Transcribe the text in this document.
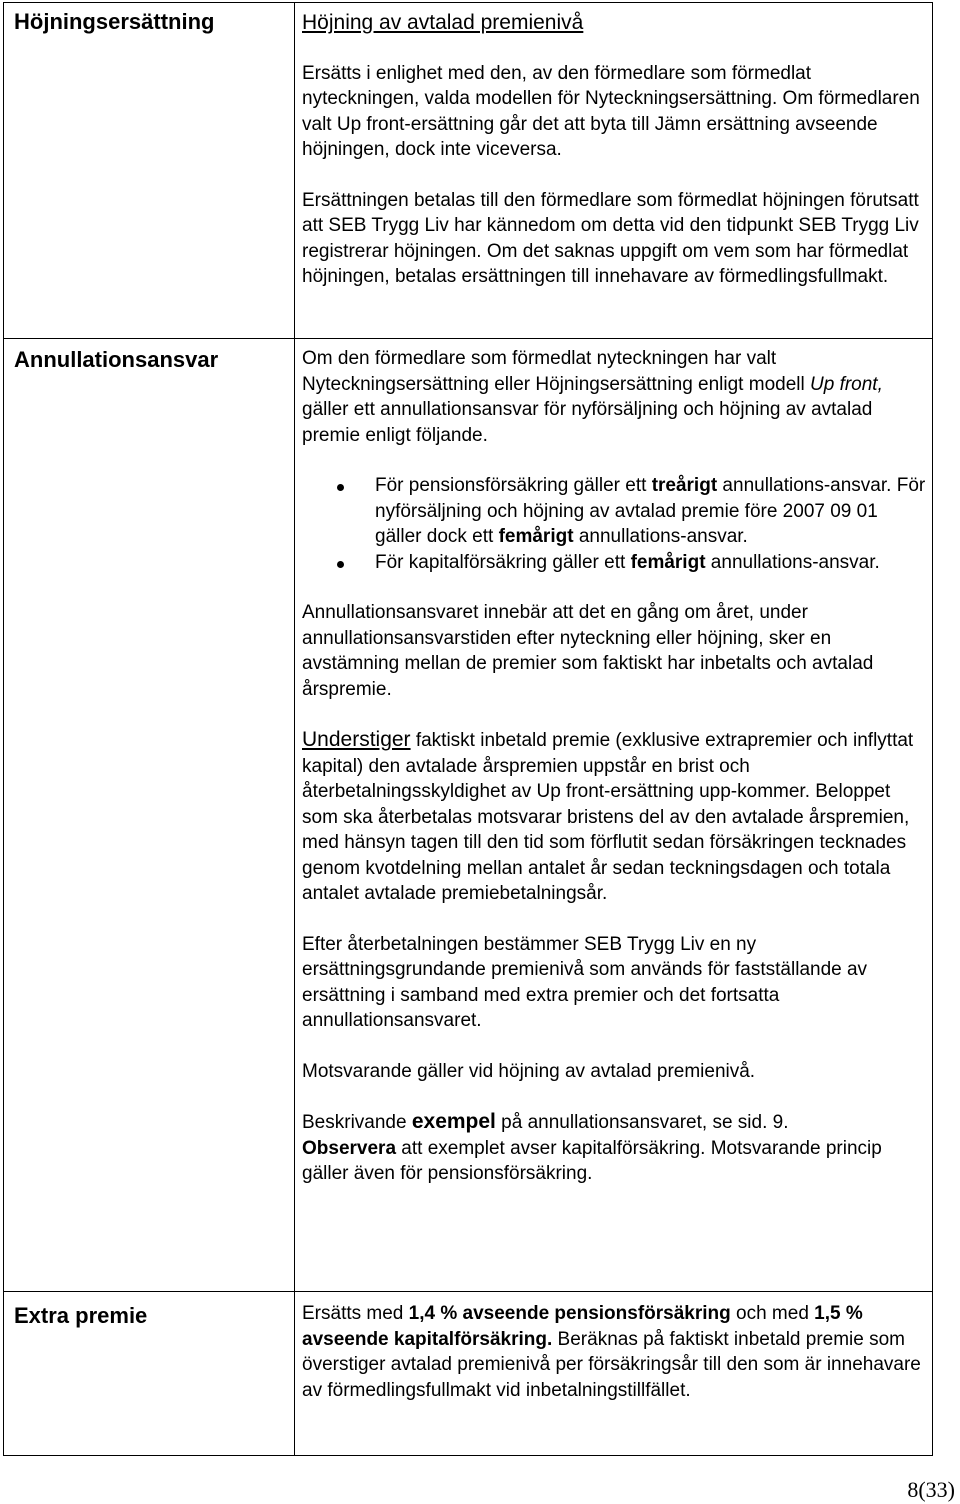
Höjningsersättning	Höjning av avtalad premienivå

Ersätts i enlighet med den, av den förmedlare som förmedlat nyteckningen, valda modellen för Nyteckningsersättning. Om förmedlaren valt Up front-ersättning går det att byta till Jämn ersättning avseende höjningen, dock inte viceversa.

Ersättningen betalas till den förmedlare som förmedlat höjningen förutsatt att SEB Trygg Liv har kännedom om detta vid den tidpunkt SEB Trygg Liv registrerar höjningen. Om det saknas uppgift om vem som har förmedlat höjningen, betalas ersättningen till innehavare av förmedlingsfullmakt.

Annullationsansvar	Om den förmedlare som förmedlat nyteckningen har valt Nyteckningsersättning eller Höjningsersättning enligt modell Up front, gäller ett annullationsansvar för nyförsäljning och höjning av avtalad premie enligt följande.

För pensionsförsäkring gäller ett treårigt annullations-ansvar. För nyförsäljning och höjning av avtalad premie före 2007 09 01 gäller dock ett femårigt annullations-ansvar.
För kapitalförsäkring gäller ett femårigt annullations-ansvar.

Annullationsansvaret innebär att det en gång om året, under annullationsansvarstiden efter nyteckning eller höjning, sker en avstämning mellan de premier som faktiskt har inbetalts och avtalad årspremie.

Understiger faktiskt inbetald premie (exklusive extrapremier och inflyttat kapital) den avtalade årspremien uppstår en brist och återbetalningsskyldighet av Up front-ersättning upp-kommer. Beloppet som ska återbetalas motsvarar bristens del av den avtalade årspremien, med hänsyn tagen till den tid som förflutit sedan försäkringen tecknades genom kvotdelning mellan antalet år sedan teckningsdagen och totala antalet avtalade premiebetalningsår.

Efter återbetalningen bestämmer SEB Trygg Liv en ny ersättningsgrundande premienivå som används för fastställande av ersättning i samband med extra premier och det fortsatta annullationsansvaret.

Motsvarande gäller vid höjning av avtalad premienivå.

Beskrivande exempel på annullationsansvaret, se sid. 9.
Observera att exemplet avser kapitalförsäkring. Motsvarande princip gäller även för pensionsförsäkring.

Extra premie	Ersätts med 1,4 % avseende pensionsförsäkring och med 1,5 % avseende kapitalförsäkring. Beräknas på faktiskt inbetald premie som överstiger avtalad premienivå per försäkringsår till den som är innehavare av förmedlingsfullmakt vid inbetalningstillfället.

8(33)
